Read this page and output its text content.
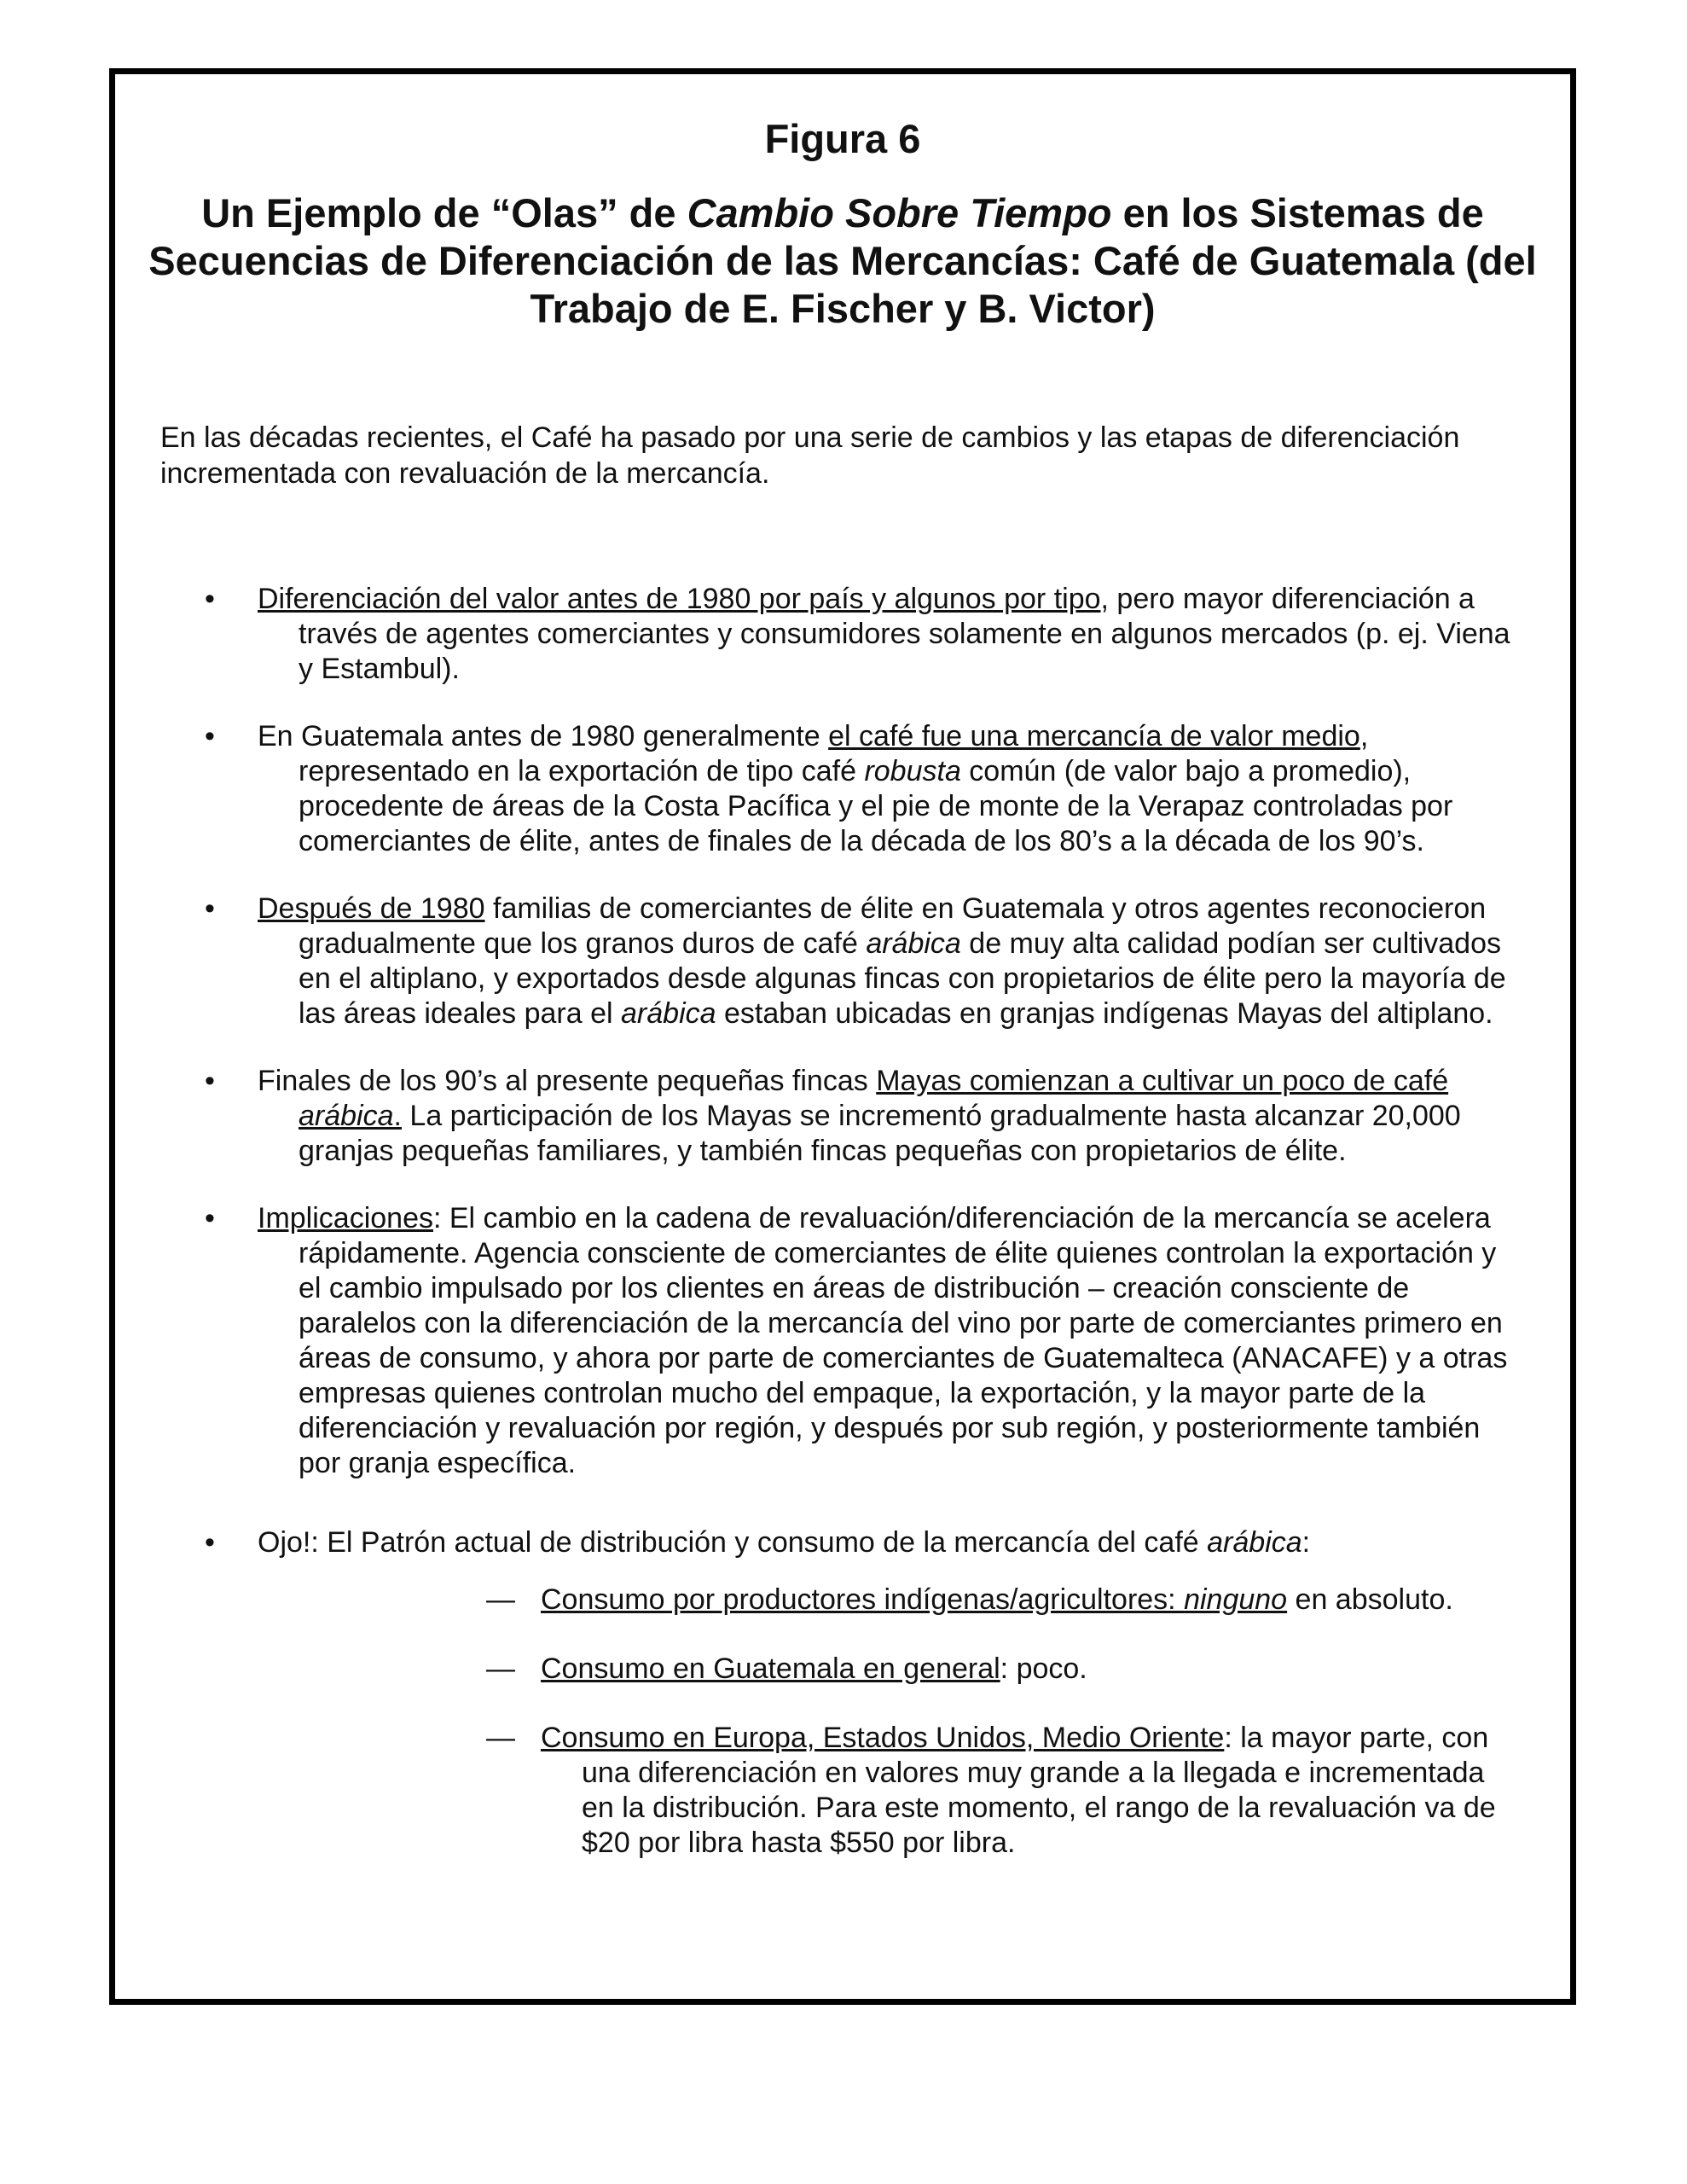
Figura 6
Un Ejemplo de “Olas” de Cambio Sobre Tiempo en los Sistemas de Secuencias de Diferenciación de las Mercancías: Café de Guatemala (del Trabajo de E. Fischer y B. Victor)
En las décadas recientes, el Café ha pasado por una serie de cambios y las etapas de diferenciación incrementada con revaluación de la mercancía.
• Diferenciación del valor antes de 1980 por país y algunos por tipo, pero mayor diferenciación a través de agentes comerciantes y consumidores solamente en algunos mercados (p. ej. Viena y Estambul).
• En Guatemala antes de 1980 generalmente el café fue una mercancía de valor medio, representado en la exportación de tipo café robusta común (de valor bajo a promedio), procedente de áreas de la Costa Pacífica y el pie de monte de la Verapaz controladas por comerciantes de élite, antes de finales de la década de los 80’s a la década de los 90’s.
• Después de 1980 familias de comerciantes de élite en Guatemala y otros agentes reconocieron gradualmente que los granos duros de café arábica de muy alta calidad podían ser cultivados en el altiplano, y exportados desde algunas fincas con propietarios de élite pero la mayoría de las áreas ideales para el arábica estaban ubicadas en granjas indígenas Mayas del altiplano.
• Finales de los 90’s al presente pequeñas fincas Mayas comienzan a cultivar un poco de café arábica. La participación de los Mayas se incrementó gradualmente hasta alcanzar 20,000 granjas pequeñas familiares, y también fincas pequeñas con propietarios de élite.
• Implicaciones: El cambio en la cadena de revaluación/diferenciación de la mercancía se acelera rápidamente. Agencia consciente de comerciantes de élite quienes controlan la exportación y el cambio impulsado por los clientes en áreas de distribución – creación consciente de paralelos con la diferenciación de la mercancía del vino por parte de comerciantes primero en áreas de consumo, y ahora por parte de comerciantes de Guatemalteca (ANACAFE) y a otras empresas quienes controlan mucho del empaque, la exportación, y la mayor parte de la diferenciación y revaluación por región, y después por sub región, y posteriormente también por granja específica.
• Ojo!: El Patrón actual de distribución y consumo de la mercancía del café arábica:
— Consumo por productores indígenas/agricultores: ninguno en absoluto.
— Consumo en Guatemala en general: poco.
— Consumo en Europa, Estados Unidos, Medio Oriente: la mayor parte, con una diferenciación en valores muy grande a la llegada e incrementada en la distribución. Para este momento, el rango de la revaluación va de $20 por libra hasta $550 por libra.
